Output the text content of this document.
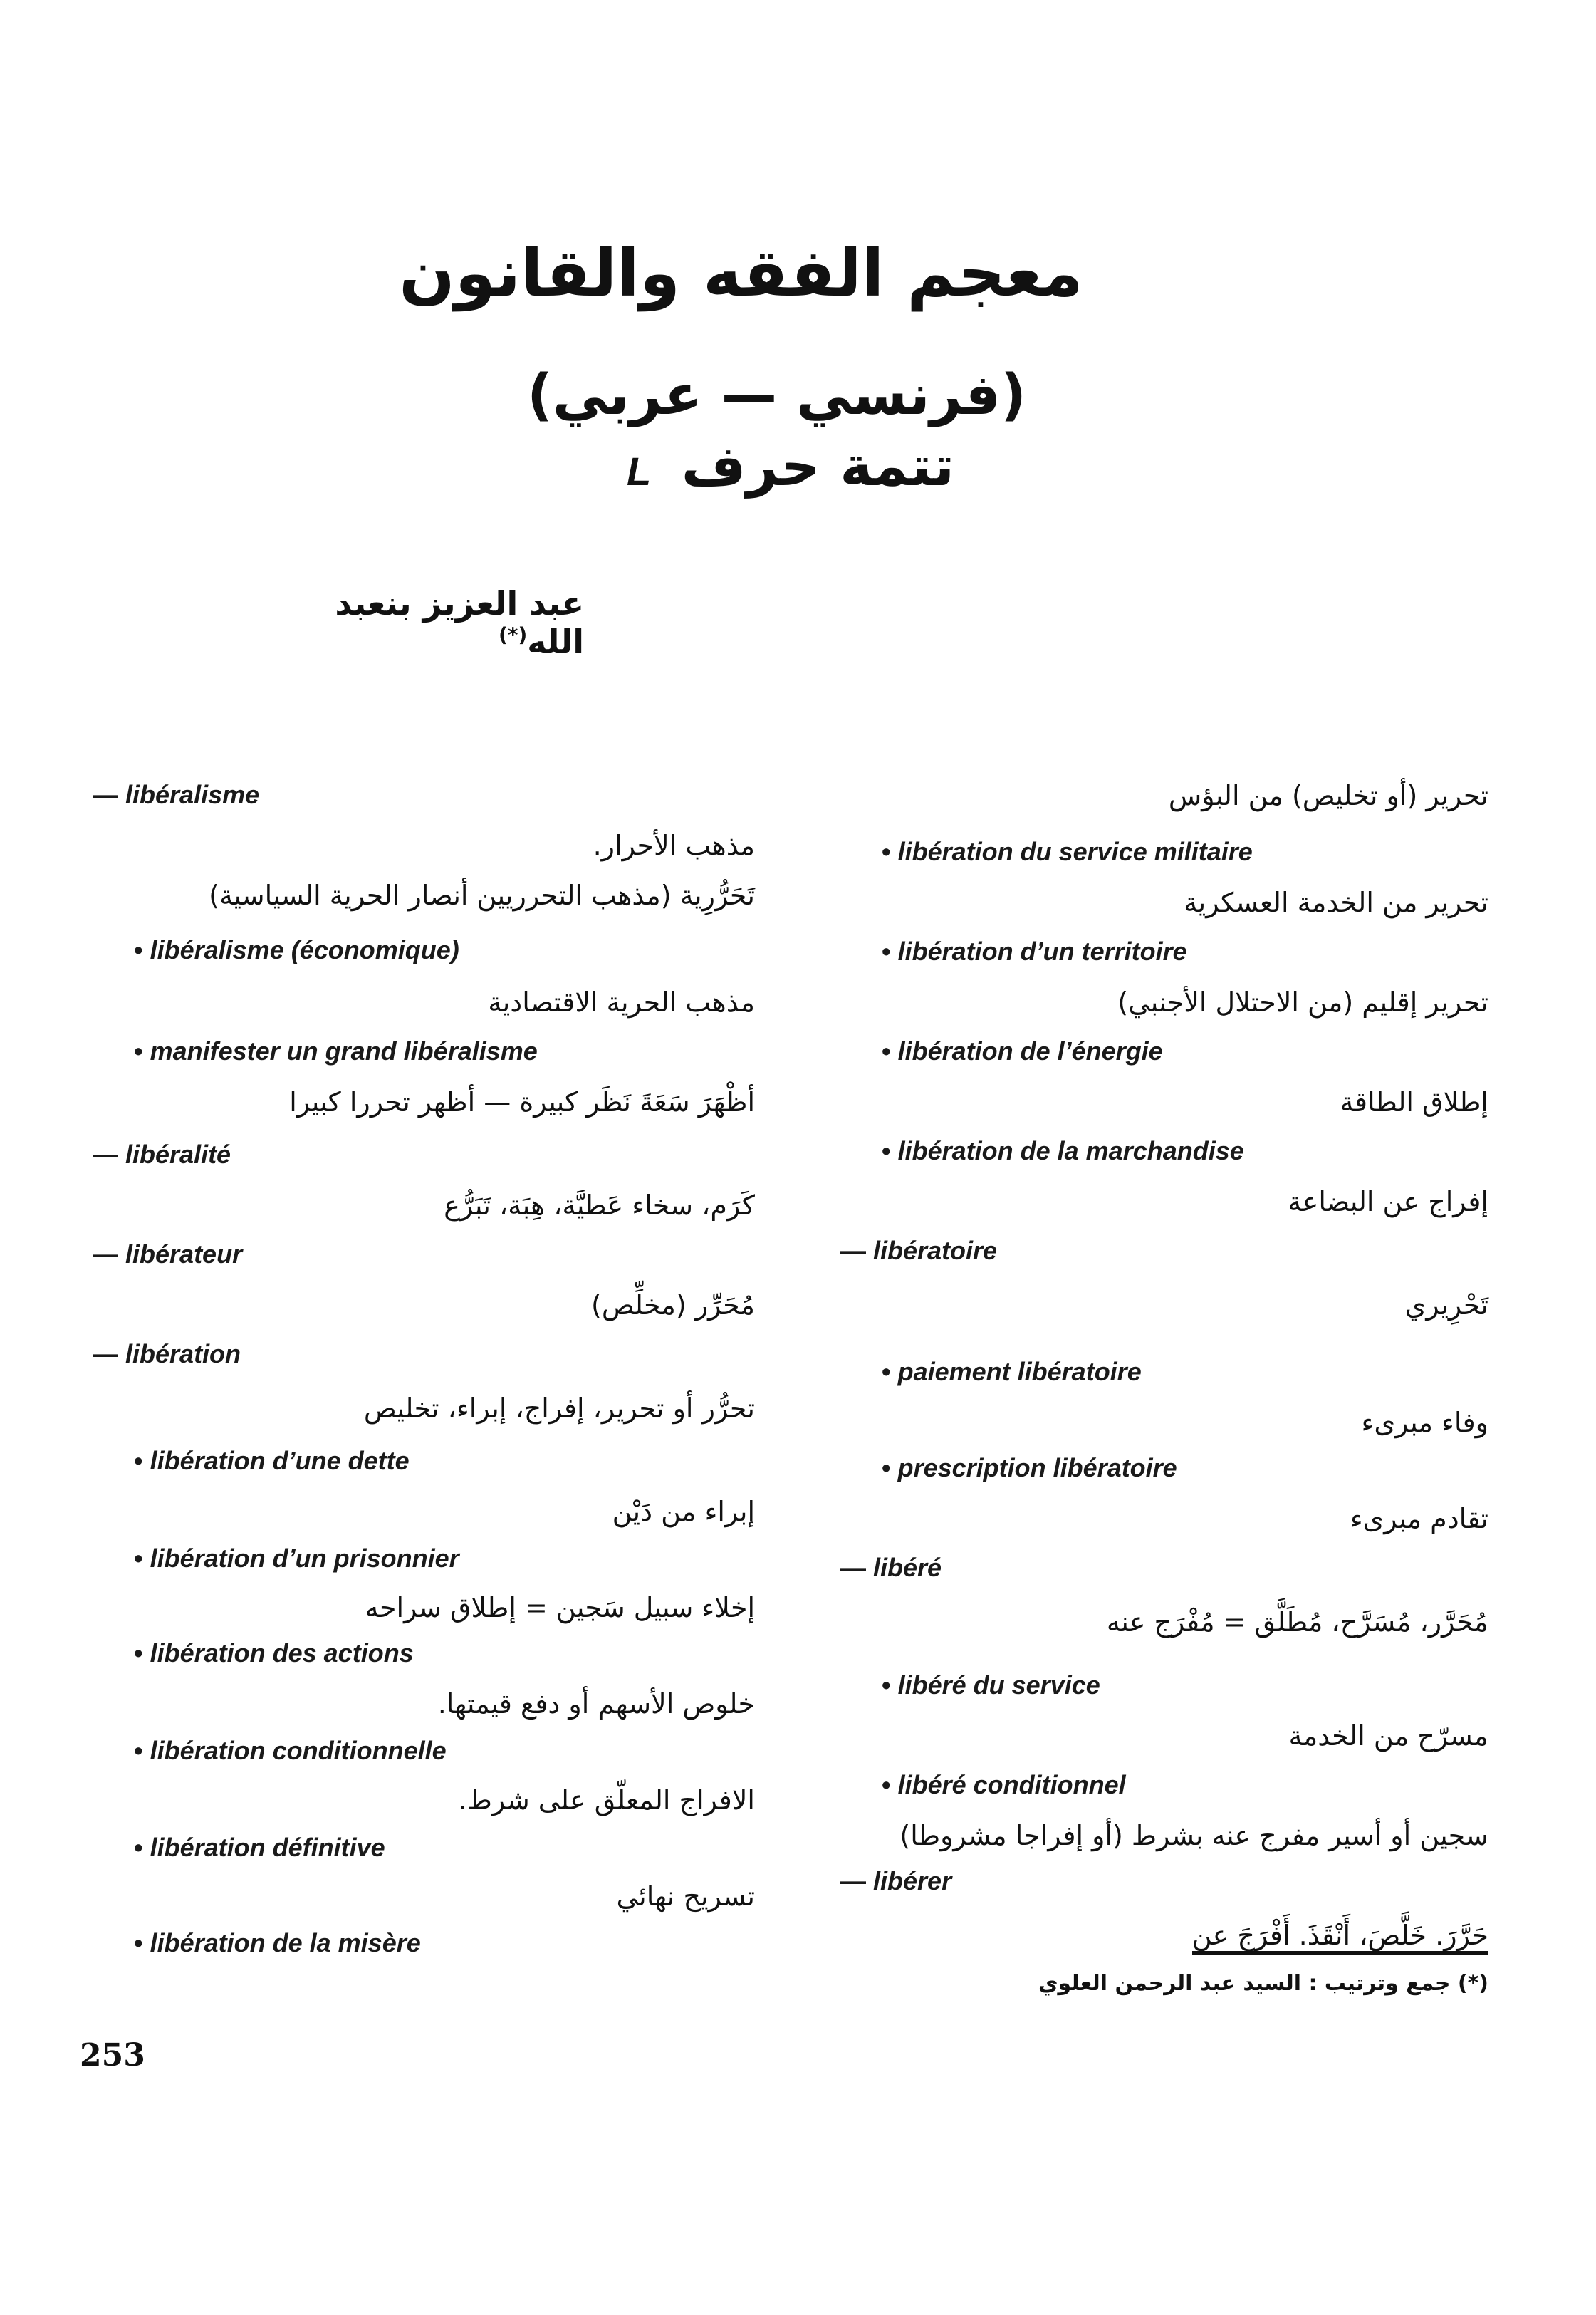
معجم الفقه والقانون
(فرنسي — عربي)
L تتمة حرف
عبد العزيز بنعبد الله(*)
— libéralisme
مذهب الأحرار.
تَحَرُّرِية (مذهب التحرريين أنصار الحرية السياسية)
• libéralisme (économique)
مذهب الحرية الاقتصادية
• manifester un grand libéralisme
أظْهَرَ سَعَةَ نَظَر كبيرة — أظهر تحررا كبيرا
— libéralité
كَرَم، سخاء عَطيَّة، هِبَة، تَبَرُّع
— libérateur
مُحَرِّر (مخلِّص)
— libération
تحرُّر أو تحرير، إفراج، إبراء، تخليص
• libération d’une dette
إبراء من دَيْن
• libération d’un prisonnier
إخلاء سبيل سَجين = إطلاق سراحه
• libération des actions
خلوص الأسهم أو دفع قيمتها.
• libération conditionnelle
الافراج المعلّق على شرط.
• libération définitive
تسريح نهائي
• libération de la misère
تحرير (أو تخليص) من البؤس
• libération du service militaire
تحرير من الخدمة العسكرية
• libération d’un territoire
تحرير إقليم (من الاحتلال الأجنبي)
• libération de l’énergie
إطلاق الطاقة
• libération de la marchandise
إفراج عن البضاعة
— libératoire
تَحْرِيري
• paiement libératoire
وفاء مبرىء
• prescription libératoire
تقادم مبرىء
— libéré
مُحَرَّر، مُسَرَّح، مُطَلَّق = مُفْرَج عنه
• libéré du service
مسرّح من الخدمة
• libéré conditionnel
سجين أو أسير مفرج عنه بشرط (أو إفراجا مشروطا)
— libérer
حَرَّرَ. خَلَّصَ، أَنْقَذَ. أَفْرَجَ عن
(*) جمع وترتيب : السيد عبد الرحمن العلوي
253
